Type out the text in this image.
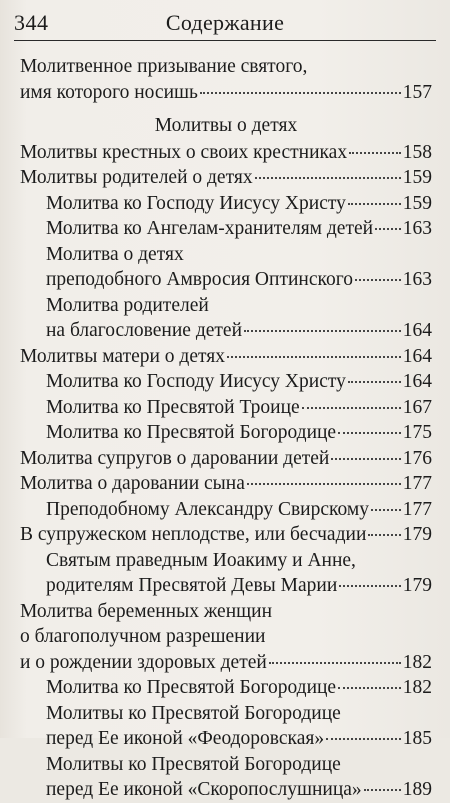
344	Содержание
Молитвенное призывание святого,
имя которого носишь	157
Молитвы о детях
Молитвы крестных о своих крестниках	158
Молитвы родителей о детях	159
Молитва ко Господу Иисусу Христу	159
Молитва ко Ангелам-хранителям детей 163
Молитва о детях
преподобного Амвросия Оптинского	163
Молитва родителей
на благословение детей	164
Молитвы матери о детях	164
Молитва ко Господу Иисусу Христу	164
Молитва ко Пресвятой Троице	167
Молитва ко Пресвятой Богородице	175
Молитва супругов о даровании детей	176
Молитва о даровании сына	177
Преподобному Александру Свирскому 177
В супружеском неплодстве, или бесчадии 179
Святым праведным Иоакиму и Анне,
родителям Пресвятой Девы Марии	179
Молитва беременных женщин
о благополучном разрешении
и о рождении здоровых детей	182
Молитва ко Пресвятой Богородице	182
Молитвы ко Пресвятой Богородице
перед Ее иконой «Феодоровская»	185
Молитвы ко Пресвятой Богородице
перед Ее иконой «Скоропослушница» 189
